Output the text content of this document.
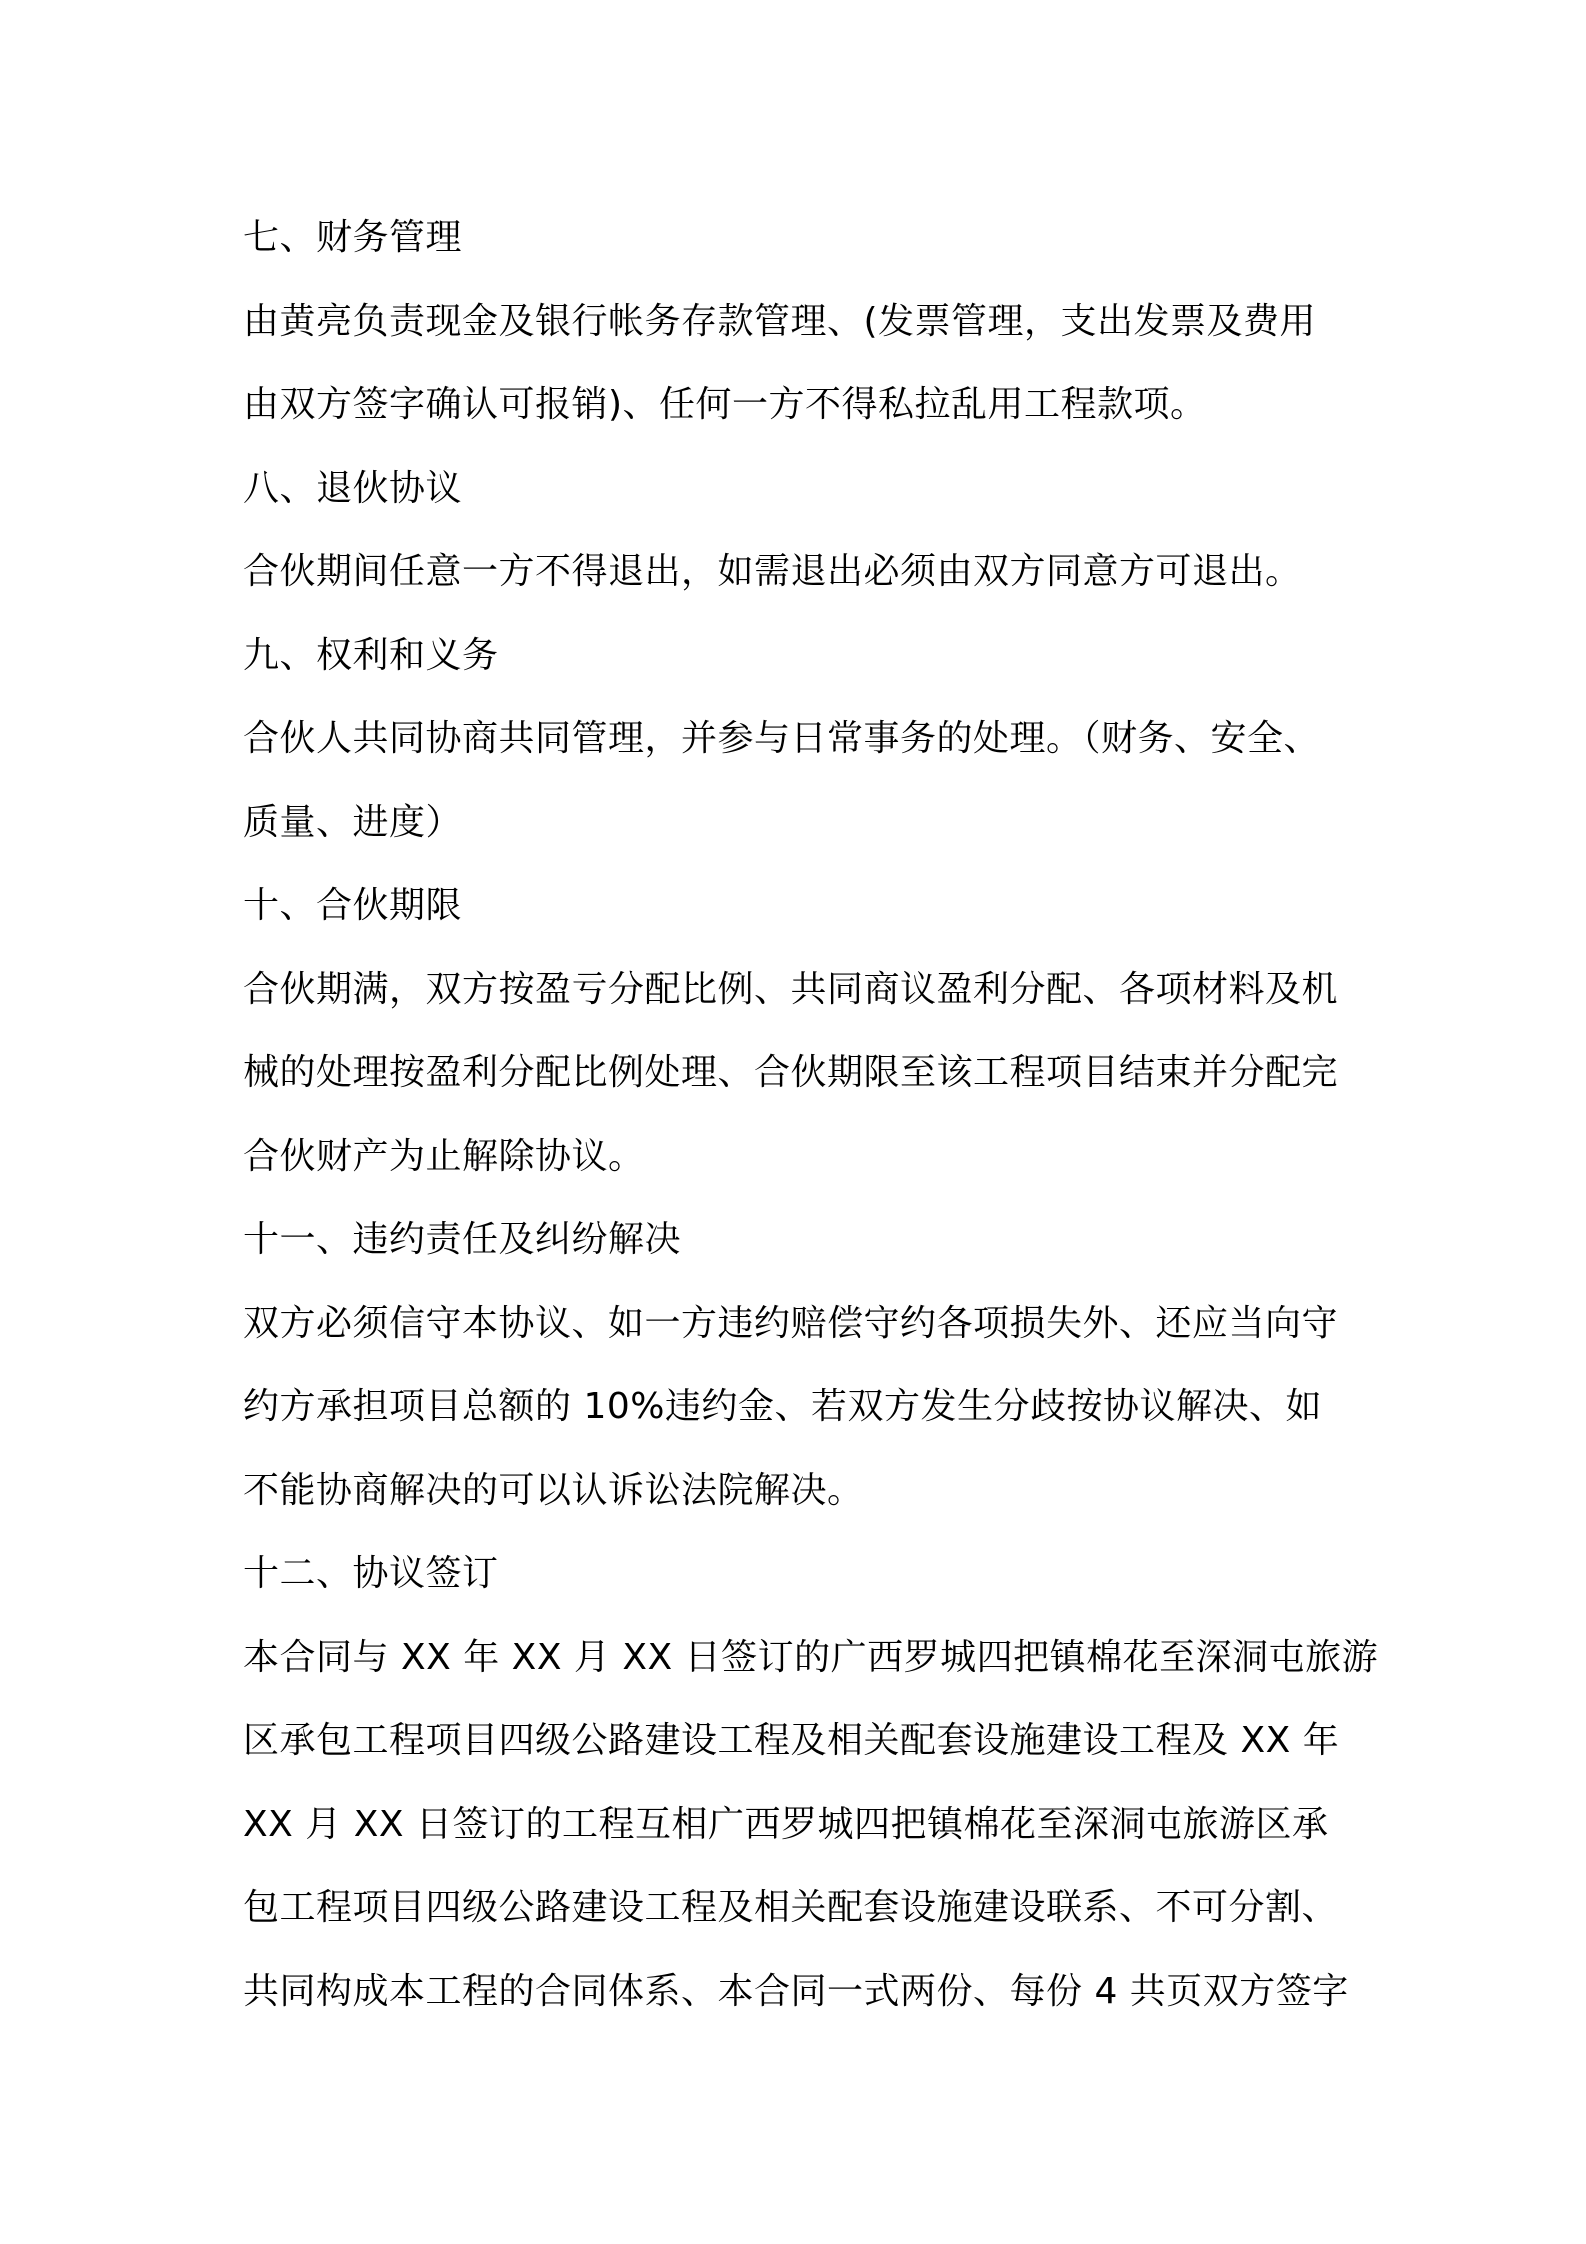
七、财务管理
由黄亮负责现金及银行帐务存款管理、(发票管理，支出发票及费用
由双方签字确认可报销)、任何一方不得私拉乱用工程款项。
八、退伙协议
合伙期间任意一方不得退出，如需退出必须由双方同意方可退出。
九、权利和义务
合伙人共同协商共同管理，并参与日常事务的处理。（财务、安全、
质量、进度）
十、合伙期限
合伙期满，双方按盈亏分配比例、共同商议盈利分配、各项材料及机
械的处理按盈利分配比例处理、合伙期限至该工程项目结束并分配完
合伙财产为止解除协议。
十一、违约责任及纠纷解决
双方必须信守本协议、如一方违约赔偿守约各项损失外、还应当向守
约方承担项目总额的 10%违约金、若双方发生分歧按协议解决、如
不能协商解决的可以认诉讼法院解决。
十二、协议签订
本合同与 XX 年 XX 月 XX 日签订的广西罗城四把镇棉花至深洞屯旅游
区承包工程项目四级公路建设工程及相关配套设施建设工程及 XX 年
XX 月 XX 日签订的工程互相广西罗城四把镇棉花至深洞屯旅游区承
包工程项目四级公路建设工程及相关配套设施建设联系、不可分割、
共同构成本工程的合同体系、本合同一式两份、每份 4 共页双方签字
